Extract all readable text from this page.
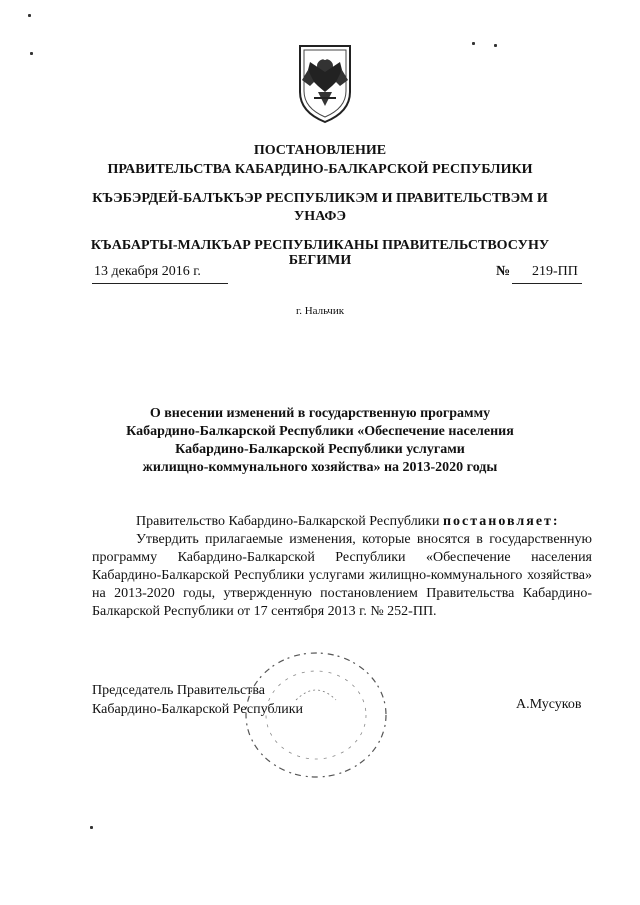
ПОСТАНОВЛЕНИЕ
ПРАВИТЕЛЬСТВА КАБАРДИНО-БАЛКАРСКОЙ РЕСПУБЛИКИ
КЪЭБЭРДЕЙ-БАЛЪКЪЭР РЕСПУБЛИКЭМ И ПРАВИТЕЛЬСТВЭМ И
УНАФЭ
КЪАБАРТЫ-МАЛКЪАР РЕСПУБЛИКАНЫ ПРАВИТЕЛЬСТВОСУНУ
БЕГИМИ
13 декабря 2016 г.	№ 219-ПП
г. Нальчик
О внесении изменений в государственную программу
Кабардино-Балкарской Республики «Обеспечение населения
Кабардино-Балкарской Республики услугами
жилищно-коммунального хозяйства» на 2013-2020 годы
Правительство Кабардино-Балкарской Республики постановляет:
Утвердить прилагаемые изменения, которые вносятся в государственную программу Кабардино-Балкарской Республики «Обеспечение населения Кабардино-Балкарской Республики услугами жилищно-коммунального хозяйства» на 2013-2020 годы, утвержденную постановлением Правительства Кабардино-Балкарской Республики от 17 сентября 2013 г. № 252-ПП.
Председатель Правительства
Кабардино-Балкарской Республики	А.Мусуков
